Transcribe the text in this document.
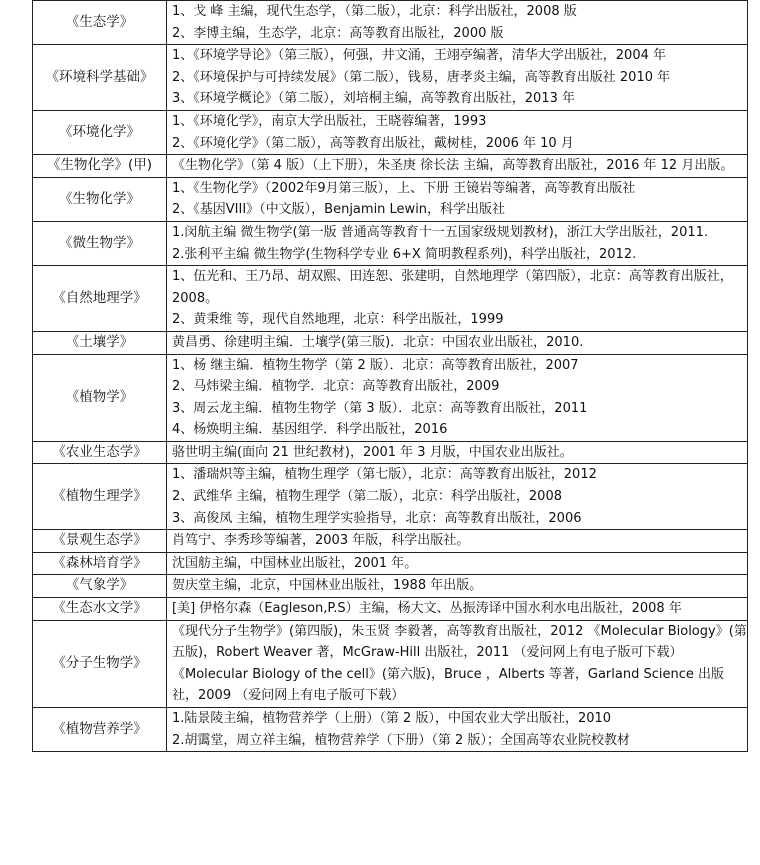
《生态学》	1、戈 峰 主编，现代生态学，（第二版），北京：科学出版社，2008 版
2、李博主编，生态学，北京：高等教育出版社，2000 版

《环境科学基础》	1、《环境学导论》（第三版），何强，井文涌，王翊亭编著，清华大学出版社，2004 年
2、《环境保护与可持续发展》（第二版），钱易，唐孝炎主编，高等教育出版社 2010 年
3、《环境学概论》（第二版），刘培桐主编，高等教育出版社，2013 年

《环境化学》	1、《环境化学》，南京大学出版社，王晓蓉编著，1993
2、《环境化学》（第二版），高等教育出版社，戴树桂，2006 年 10 月

《生物化学》(甲)	《生物化学》（第 4 版）（上下册），朱圣庚 徐长法 主编，高等教育出版社，2016 年 12 月出版。

《生物化学》	1、《生物化学》（2002年9月第三版），上、下册 王镜岩等编著，高等教育出版社
2、《基因VIII》（中文版），Benjamin Lewin，科学出版社

《微生物学》	1.闵航主编 微生物学(第一版 普通高等教育十一五国家级规划教材)，浙江大学出版社，2011.
2.张利平主编 微生物学(生物科学专业 6+X 简明教程系列)，科学出版社，2012.

《自然地理学》	1、伍光和、王乃昂、胡双熙、田连恕、张建明，自然地理学（第四版），北京：高等教育出版社，2008。
2、黄秉维 等，现代自然地理，北京：科学出版社，1999

《土壤学》	黄昌勇、徐建明主编．土壤学(第三版)．北京：中国农业出版社，2010.

《植物学》	1、杨 继主编．植物生物学（第 2 版）．北京：高等教育出版社，2007
2、马炜梁主编．植物学．北京：高等教育出版社，2009
3、周云龙主编．植物生物学（第 3 版）．北京：高等教育出版社，2011
4、杨焕明主编．基因组学．科学出版社，2016

《农业生态学》	骆世明主编(面向 21 世纪教材)，2001 年 3 月版，中国农业出版社。

《植物生理学》	1、潘瑞炽等主编，植物生理学（第七版），北京：高等教育出版社，2012
2、武维华 主编，植物生理学（第二版），北京：科学出版社，2008
3、高俊凤 主编，植物生理学实验指导，北京：高等教育出版社，2006

《景观生态学》	肖笃宁、李秀珍等编著，2003 年版，科学出版社。

《森林培育学》	沈国舫主编，中国林业出版社，2001 年。

《气象学》	贺庆堂主编，北京，中国林业出版社，1988 年出版。

《生态水文学》	[美] 伊格尔森（Eagleson,P.S）主编，杨大文、丛振涛译中国水利水电出版社，2008 年

《分子生物学》	《现代分子生物学》(第四版)，朱玉贤 李毅著，高等教育出版社，2012 《Molecular Biology》(第五版)，Robert Weaver 著，McGraw-Hill 出版社，2011 （爱问网上有电子版可下载） 《Molecular Biology of the cell》(第六版)，Bruce ，Alberts 等著，Garland Science 出版社，2009 （爱问网上有电子版可下载）

《植物营养学》	1.陆景陵主编，植物营养学（上册）（第 2 版），中国农业大学出版社，2010
2.胡霭堂，周立祥主编，植物营养学（下册）（第 2 版）；全国高等农业院校教材
